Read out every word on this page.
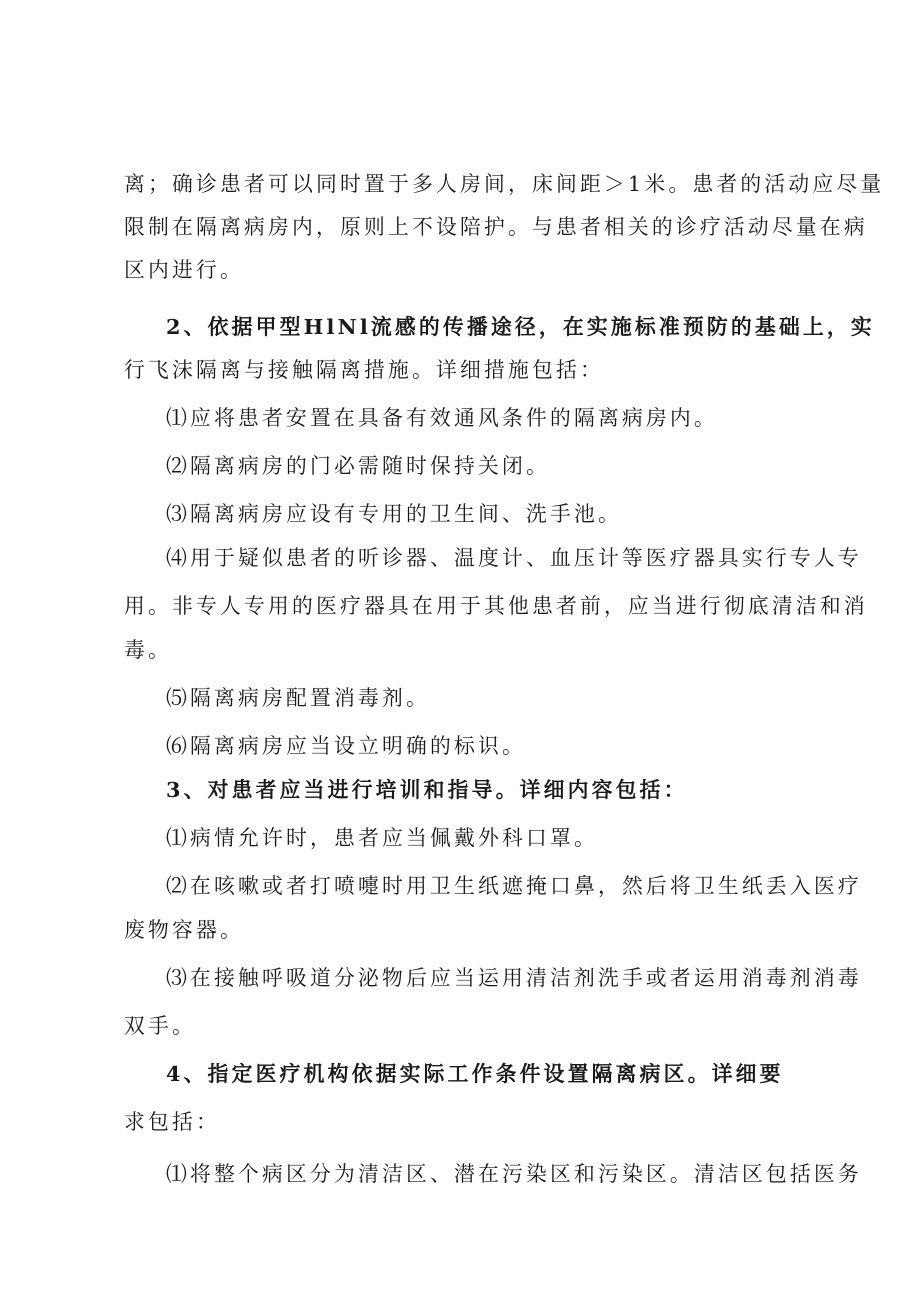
离；确诊患者可以同时置于多人房间，床间距＞1米。患者的活动应尽量
限制在隔离病房内，原则上不设陪护。与患者相关的诊疗活动尽量在病
区内进行。
2、依据甲型HlNl流感的传播途径，在实施标准预防的基础上，实
行飞沫隔离与接触隔离措施。详细措施包括：
⑴应将患者安置在具备有效通风条件的隔离病房内。
⑵隔离病房的门必需随时保持关闭。
⑶隔离病房应设有专用的卫生间、洗手池。
⑷用于疑似患者的听诊器、温度计、血压计等医疗器具实行专人专
用。非专人专用的医疗器具在用于其他患者前，应当进行彻底清洁和消
毒。
⑸隔离病房配置消毒剂。
⑹隔离病房应当设立明确的标识。
3、对患者应当进行培训和指导。详细内容包括：
⑴病情允许时，患者应当佩戴外科口罩。
⑵在咳嗽或者打喷嚏时用卫生纸遮掩口鼻，然后将卫生纸丢入医疗
废物容器。
⑶在接触呼吸道分泌物后应当运用清洁剂洗手或者运用消毒剂消毒
双手。
4、指定医疗机构依据实际工作条件设置隔离病区。详细要
求包括：
⑴将整个病区分为清洁区、潜在污染区和污染区。清洁区包括医务
